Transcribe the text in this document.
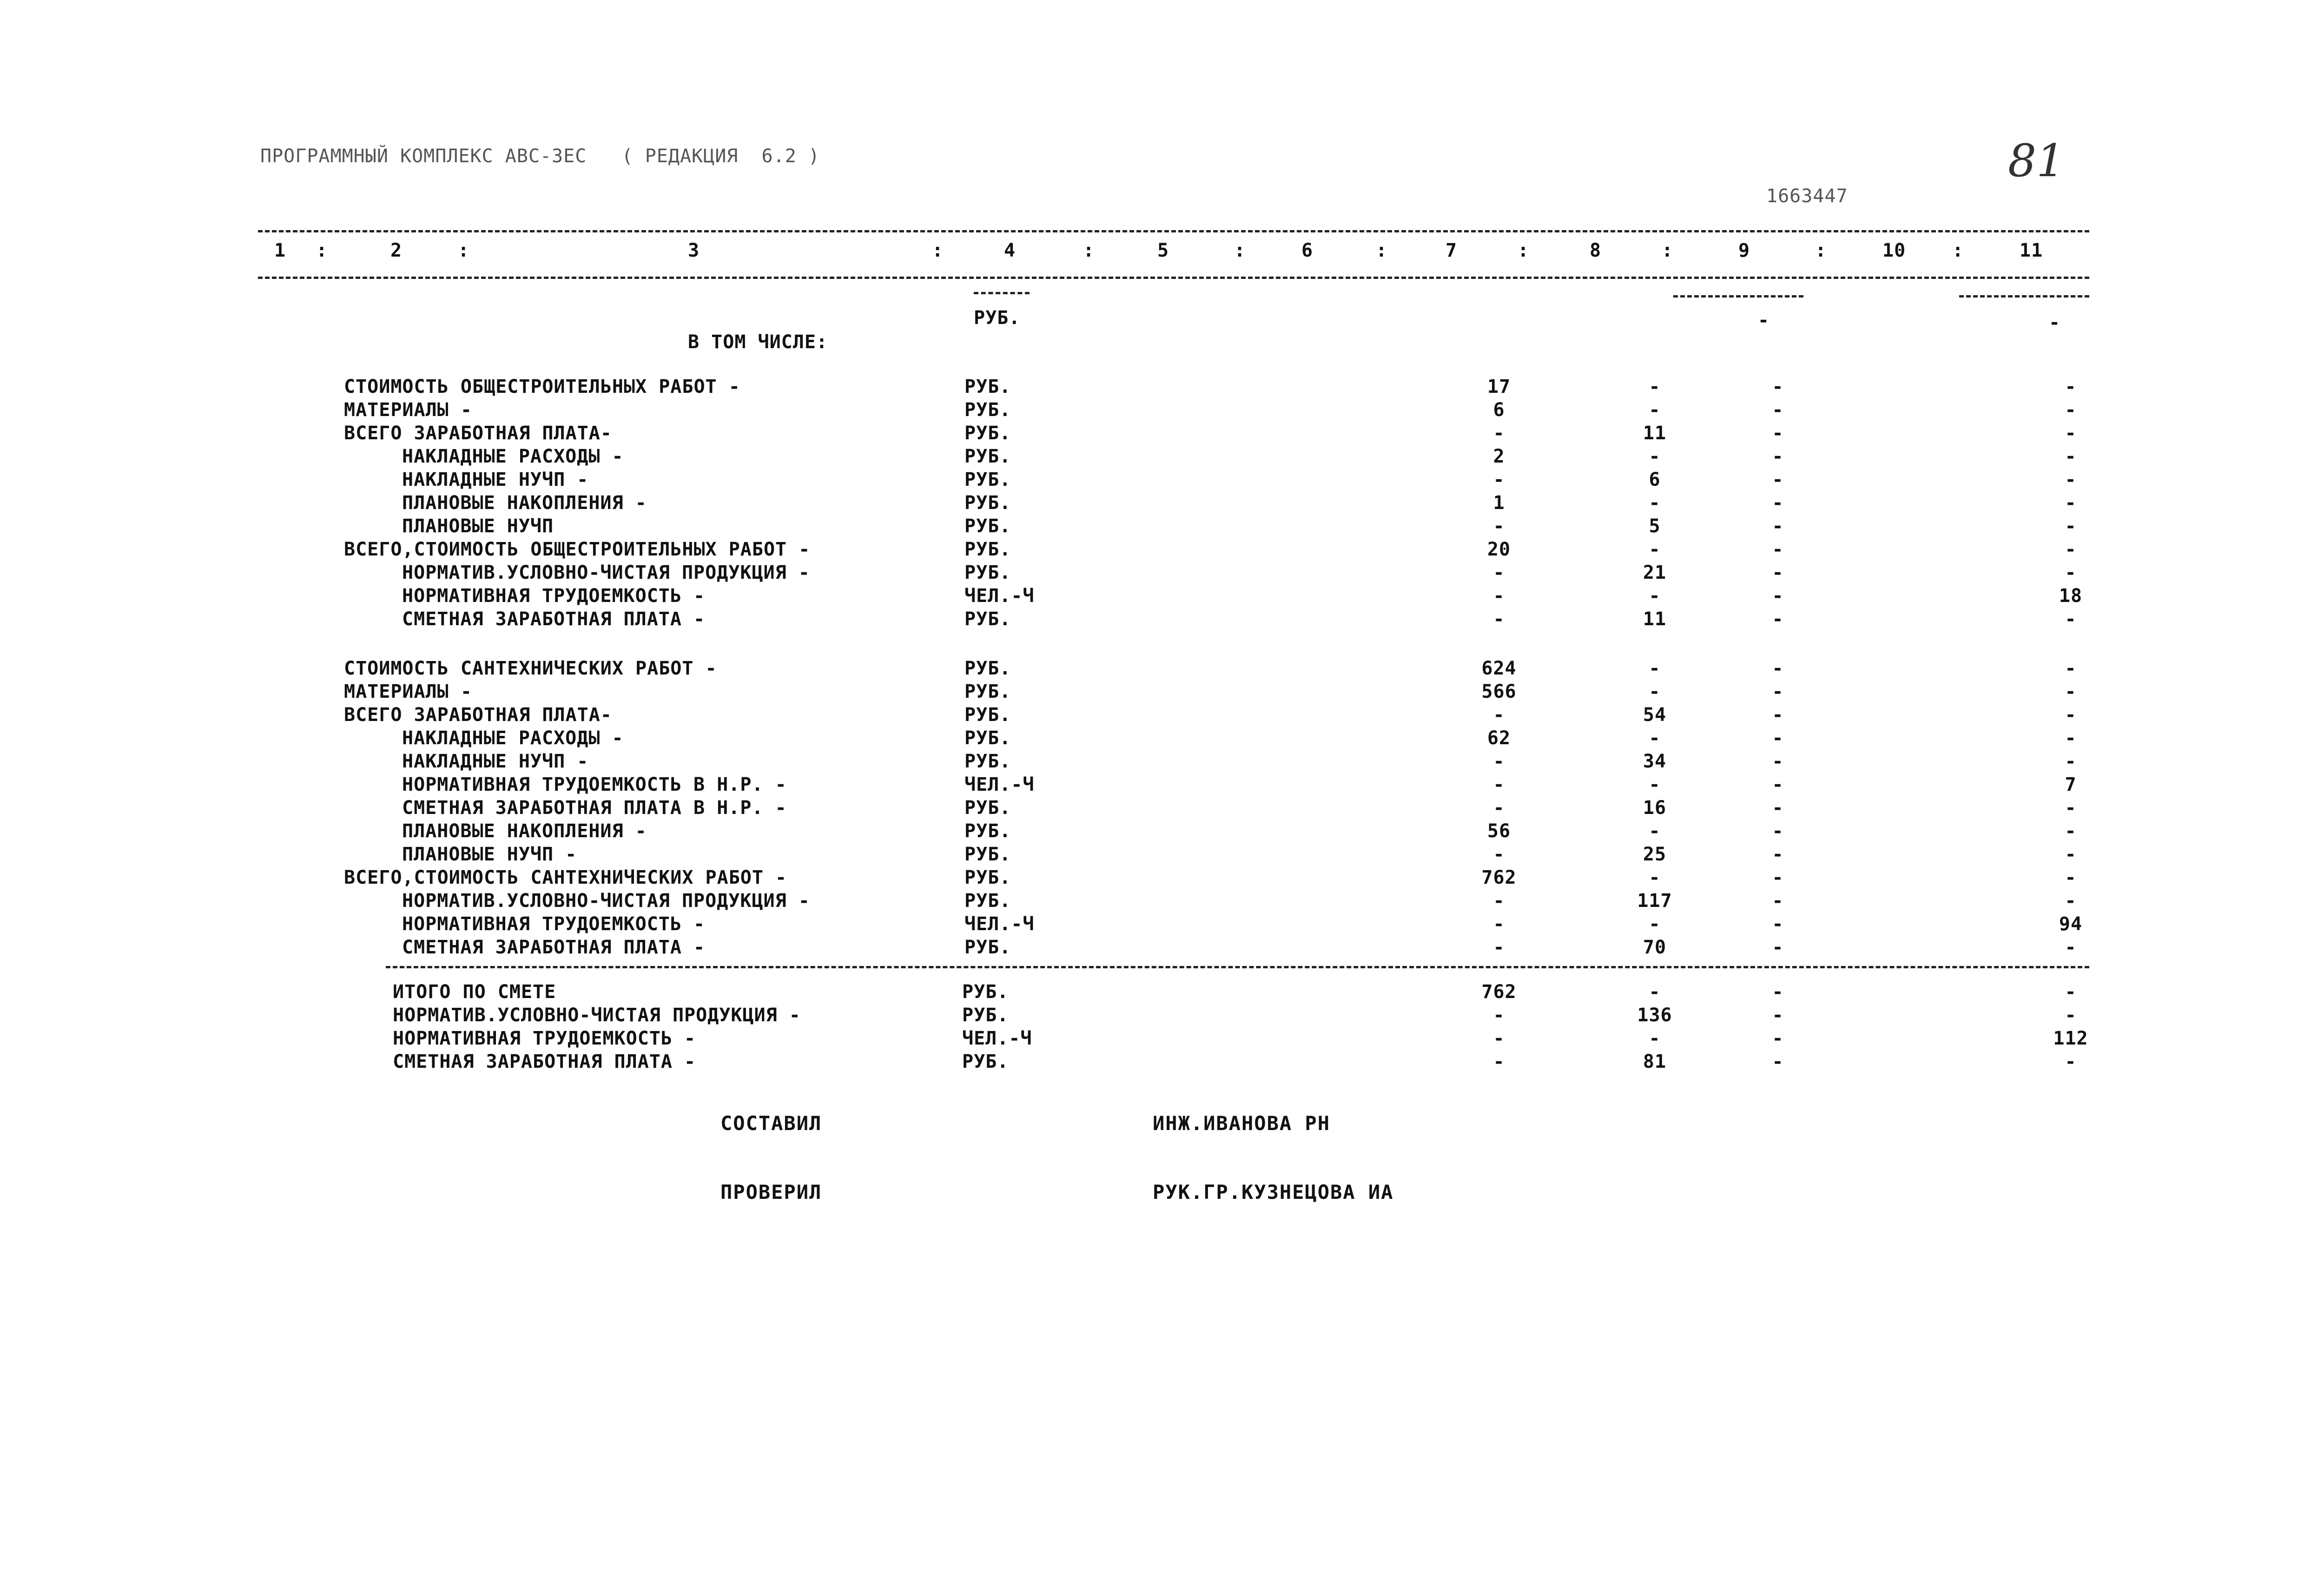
ПРОГРАММНЫЙ КОМПЛЕКС АВС-ЗЕС   ( РЕДАКЦИЯ  6.2 )	81
1663447
1 :	2	:	3	:	4	:	5	:	6	:	7	:	8	:	9	:	10 :	11
РУБ.	-	-
В ТОМ ЧИСЛЕ:
СТОИМОСТЬ ОБЩЕСТРОИТЕЛЬНЫХ РАБОТ -	РУБ.	17	-	-	-
МАТЕРИАЛЫ -	РУБ.	6	-	-	-
ВСЕГО ЗАРАБОТНАЯ ПЛАТА-	РУБ.	-	11	-	-
НАКЛАДНЫЕ РАСХОДЫ -	РУБ.	2	-	-	-
НАКЛАДНЫЕ НУЧП -	РУБ.	-	6	-	-
ПЛАНОВЫЕ НАКОПЛЕНИЯ -	РУБ.	1	-	-	-
ПЛАНОВЫЕ НУЧП	РУБ.	-	5	-	-
ВСЕГО,СТОИМОСТЬ ОБЩЕСТРОИТЕЛЬНЫХ РАБОТ -	РУБ.	20	-	-	-
НОРМАТИВ.УСЛОВНО-ЧИСТАЯ ПРОДУКЦИЯ -	РУБ.	-	21	-	-
НОРМАТИВНАЯ ТРУДОЕМКОСТЬ -	ЧЕЛ.-Ч	-	-	-	18
СМЕТНАЯ ЗАРАБОТНАЯ ПЛАТА -	РУБ.	-	11	-	-
СТОИМОСТЬ САНТЕХНИЧЕСКИХ РАБОТ -	РУБ.	624	-	-	-
МАТЕРИАЛЫ -	РУБ.	566	-	-	-
ВСЕГО ЗАРАБОТНАЯ ПЛАТА-	РУБ.	-	54	-	-
НАКЛАДНЫЕ РАСХОДЫ -	РУБ.	62	-	-	-
НАКЛАДНЫЕ НУЧП -	РУБ.	-	34	-	-
НОРМАТИВНАЯ ТРУДОЕМКОСТЬ В Н.Р. -	ЧЕЛ.-Ч	-	-	-	7
СМЕТНАЯ ЗАРАБОТНАЯ ПЛАТА В Н.Р. -	РУБ.	-	16	-	-
ПЛАНОВЫЕ НАКОПЛЕНИЯ -	РУБ.	56	-	-	-
ПЛАНОВЫЕ НУЧП -	РУБ.	-	25	-	-
ВСЕГО,СТОИМОСТЬ САНТЕХНИЧЕСКИХ РАБОТ -	РУБ.	762	-	-	-
НОРМАТИВ.УСЛОВНО-ЧИСТАЯ ПРОДУКЦИЯ -	РУБ.	-	117	-	-
НОРМАТИВНАЯ ТРУДОЕМКОСТЬ -	ЧЕЛ.-Ч	-	-	-	94
СМЕТНАЯ ЗАРАБОТНАЯ ПЛАТА -	РУБ.	-	70	-	-
ИТОГО ПО СМЕТЕ	РУБ.	762	-	-	-
НОРМАТИВ.УСЛОВНО-ЧИСТАЯ ПРОДУКЦИЯ -	РУБ.	-	136	-	-
НОРМАТИВНАЯ ТРУДОЕМКОСТЬ -	ЧЕЛ.-Ч	-	-	-	112
СМЕТНАЯ ЗАРАБОТНАЯ ПЛАТА -	РУБ.	-	81	-	-
СОСТАВИЛ	ИНЖ.ИВАНОВА РН
ПРОВЕРИЛ	РУК.ГР.КУЗНЕЦОВА ИА
